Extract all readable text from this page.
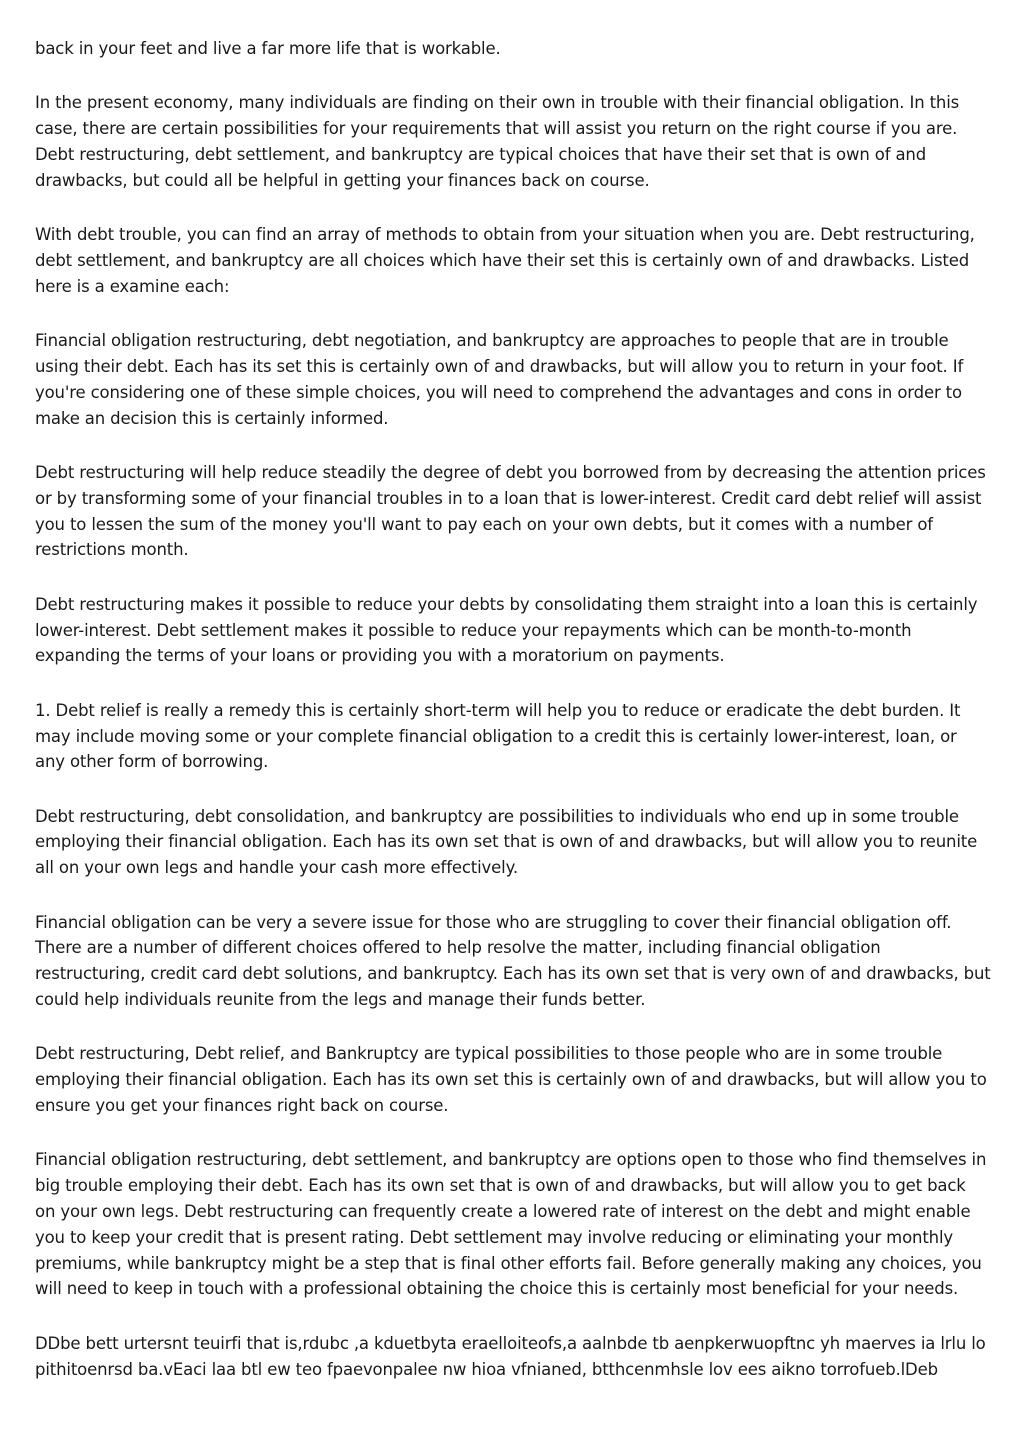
back in your feet and live a far more life that is workable.

In the present economy, many individuals are finding on their own in trouble with their financial obligation. In this case, there are certain possibilities for your requirements that will assist you return on the right course if you are. Debt restructuring, debt settlement, and bankruptcy are typical choices that have their set that is own of and drawbacks, but could all be helpful in getting your finances back on course.

With debt trouble, you can find an array of methods to obtain from your situation when you are. Debt restructuring, debt settlement, and bankruptcy are all choices which have their set this is certainly own of and drawbacks. Listed here is a examine each:

Financial obligation restructuring, debt negotiation, and bankruptcy are approaches to people that are in trouble using their debt. Each has its set this is certainly own of and drawbacks, but will allow you to return in your foot. If you're considering one of these simple choices, you will need to comprehend the advantages and cons in order to make an decision this is certainly informed.

Debt restructuring will help reduce steadily the degree of debt you borrowed from by decreasing the attention prices or by transforming some of your financial troubles in to a loan that is lower-interest. Credit card debt relief will assist you to lessen the sum of the money you'll want to pay each on your own debts, but it comes with a number of restrictions month.

Debt restructuring makes it possible to reduce your debts by consolidating them straight into a loan this is certainly lower-interest. Debt settlement makes it possible to reduce your repayments which can be month-to-month expanding the terms of your loans or providing you with a moratorium on payments.

1. Debt relief is really a remedy this is certainly short-term will help you to reduce or eradicate the debt burden. It may include moving some or your complete financial obligation to a credit this is certainly lower-interest, loan, or any other form of borrowing.

Debt restructuring, debt consolidation, and bankruptcy are possibilities to individuals who end up in some trouble employing their financial obligation. Each has its own set that is own of and drawbacks, but will allow you to reunite all on your own legs and handle your cash more effectively.

Financial obligation can be very a severe issue for those who are struggling to cover their financial obligation off. There are a number of different choices offered to help resolve the matter, including financial obligation restructuring, credit card debt solutions, and bankruptcy. Each has its own set that is very own of and drawbacks, but could help individuals reunite from the legs and manage their funds better.

Debt restructuring, Debt relief, and Bankruptcy are typical possibilities to those people who are in some trouble employing their financial obligation. Each has its own set this is certainly own of and drawbacks, but will allow you to ensure you get your finances right back on course.

Financial obligation restructuring, debt settlement, and bankruptcy are options open to those who find themselves in big trouble employing their debt. Each has its own set that is own of and drawbacks, but will allow you to get back on your own legs. Debt restructuring can frequently create a lowered rate of interest on the debt and might enable you to keep your credit that is present rating. Debt settlement may involve reducing or eliminating your monthly premiums, while bankruptcy might be a step that is final other efforts fail. Before generally making any choices, you will need to keep in touch with a professional obtaining the choice this is certainly most beneficial for your needs.

DDbe bett urtersnt teuirfi that is,rdubc ,a kduetbyta eraelloiteofs,a aalnbde tb aenpkerwuopftnc yh maerves ia lrlu lo pithitoenrsd ba.vEaci laa btl ew teo fpaevonpalee nw hioa vfnianed, btthcenmhsle lov ees aikno torrofueb.lDeb
